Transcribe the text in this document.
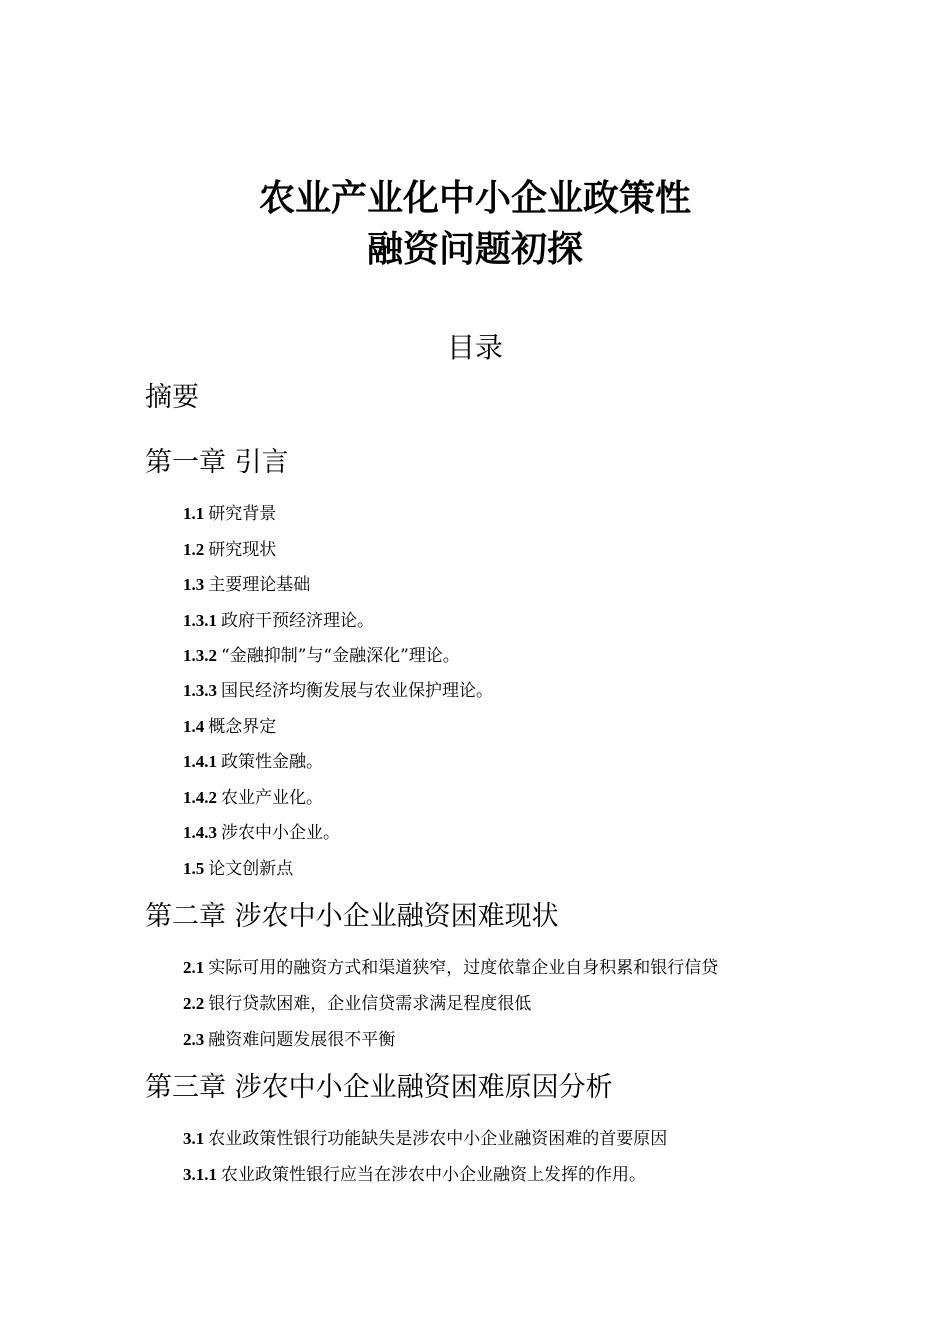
农业产业化中小企业政策性
融资问题初探
目录
摘要
第一章 引言
1.1 研究背景
1.2 研究现状
1.3 主要理论基础
1.3.1 政府干预经济理论。
1.3.2 “金融抑制”与“金融深化”理论。
1.3.3 国民经济均衡发展与农业保护理论。
1.4 概念界定
1.4.1 政策性金融。
1.4.2 农业产业化。
1.4.3 涉农中小企业。
1.5 论文创新点
第二章 涉农中小企业融资困难现状
2.1 实际可用的融资方式和渠道狭窄，过度依靠企业自身积累和银行信贷
2.2 银行贷款困难，企业信贷需求满足程度很低
2.3 融资难问题发展很不平衡
第三章 涉农中小企业融资困难原因分析
3.1 农业政策性银行功能缺失是涉农中小企业融资困难的首要原因
3.1.1 农业政策性银行应当在涉农中小企业融资上发挥的作用。
